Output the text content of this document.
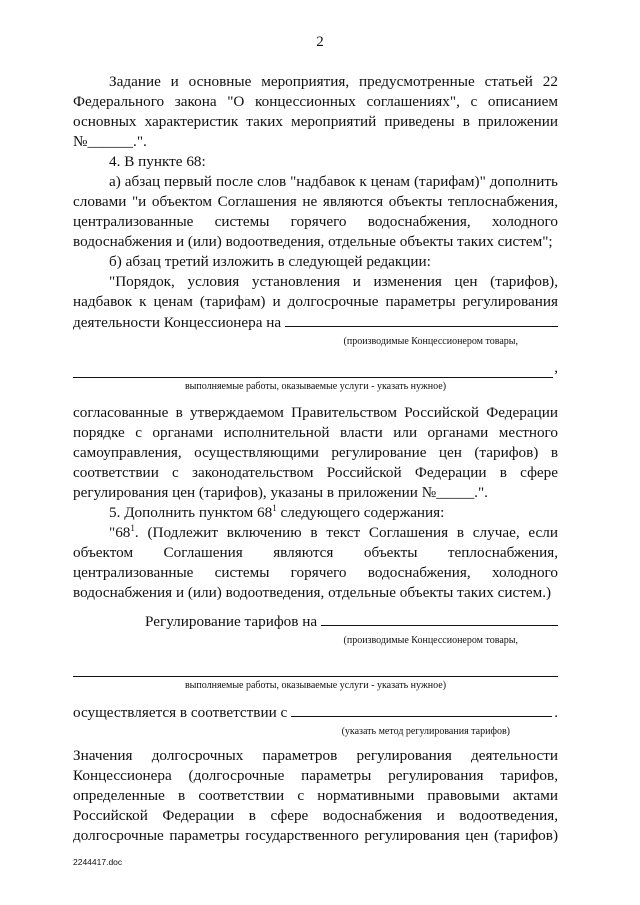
2

Задание и основные мероприятия, предусмотренные статьей 22

Федерального закона "О концессионных соглашениях", с описанием

основных характеристик таких мероприятий приведены в приложении

№______.".

4. В пункте 68:

а) абзац первый после слов "надбавок к ценам (тарифам)" дополнить

словами "и объектом Соглашения не являются объекты теплоснабжения,

централизованные системы горячего водоснабжения, холодного

водоснабжения и (или) водоотведения, отдельные объекты таких систем";

б) абзац третий изложить в следующей редакции:

"Порядок, условия установления и изменения цен (тарифов),

надбавок к ценам (тарифам) и долгосрочные параметры регулирования

деятельности Концессионера на
(производимые Концессионером товары,
,
выполняемые работы, оказываемые услуги - указать нужное)

согласованные в утверждаемом Правительством Российской Федерации

порядке с органами исполнительной власти или органами местного

самоуправления, осуществляющими регулирование цен (тарифов) в

соответствии с законодательством Российской Федерации в сфере

регулирования цен (тарифов), указаны в приложении №_____.".

5. Дополнить пунктом $68^1$ следующего содержания:

"$68^1$. (Подлежит включению в текст Соглашения в случае, если

объектом Соглашения являются объекты теплоснабжения,

централизованные системы горячего водоснабжения, холодного

водоснабжения и (или) водоотведения, отдельные объекты таких систем.)

Регулирование тарифов на
(производимые Концессионером товары,
выполняемые работы, оказываемые услуги - указать нужное)
осуществляется в соответствии с	.
(указать метод регулирования тарифов)

Значения долгосрочных параметров регулирования деятельности

Концессионера (долгосрочные параметры регулирования тарифов,

определенные в соответствии с нормативными правовыми актами

Российской Федерации в сфере водоснабжения и водоотведения,

долгосрочные параметры государственного регулирования цен (тарифов)

2244417.doc
